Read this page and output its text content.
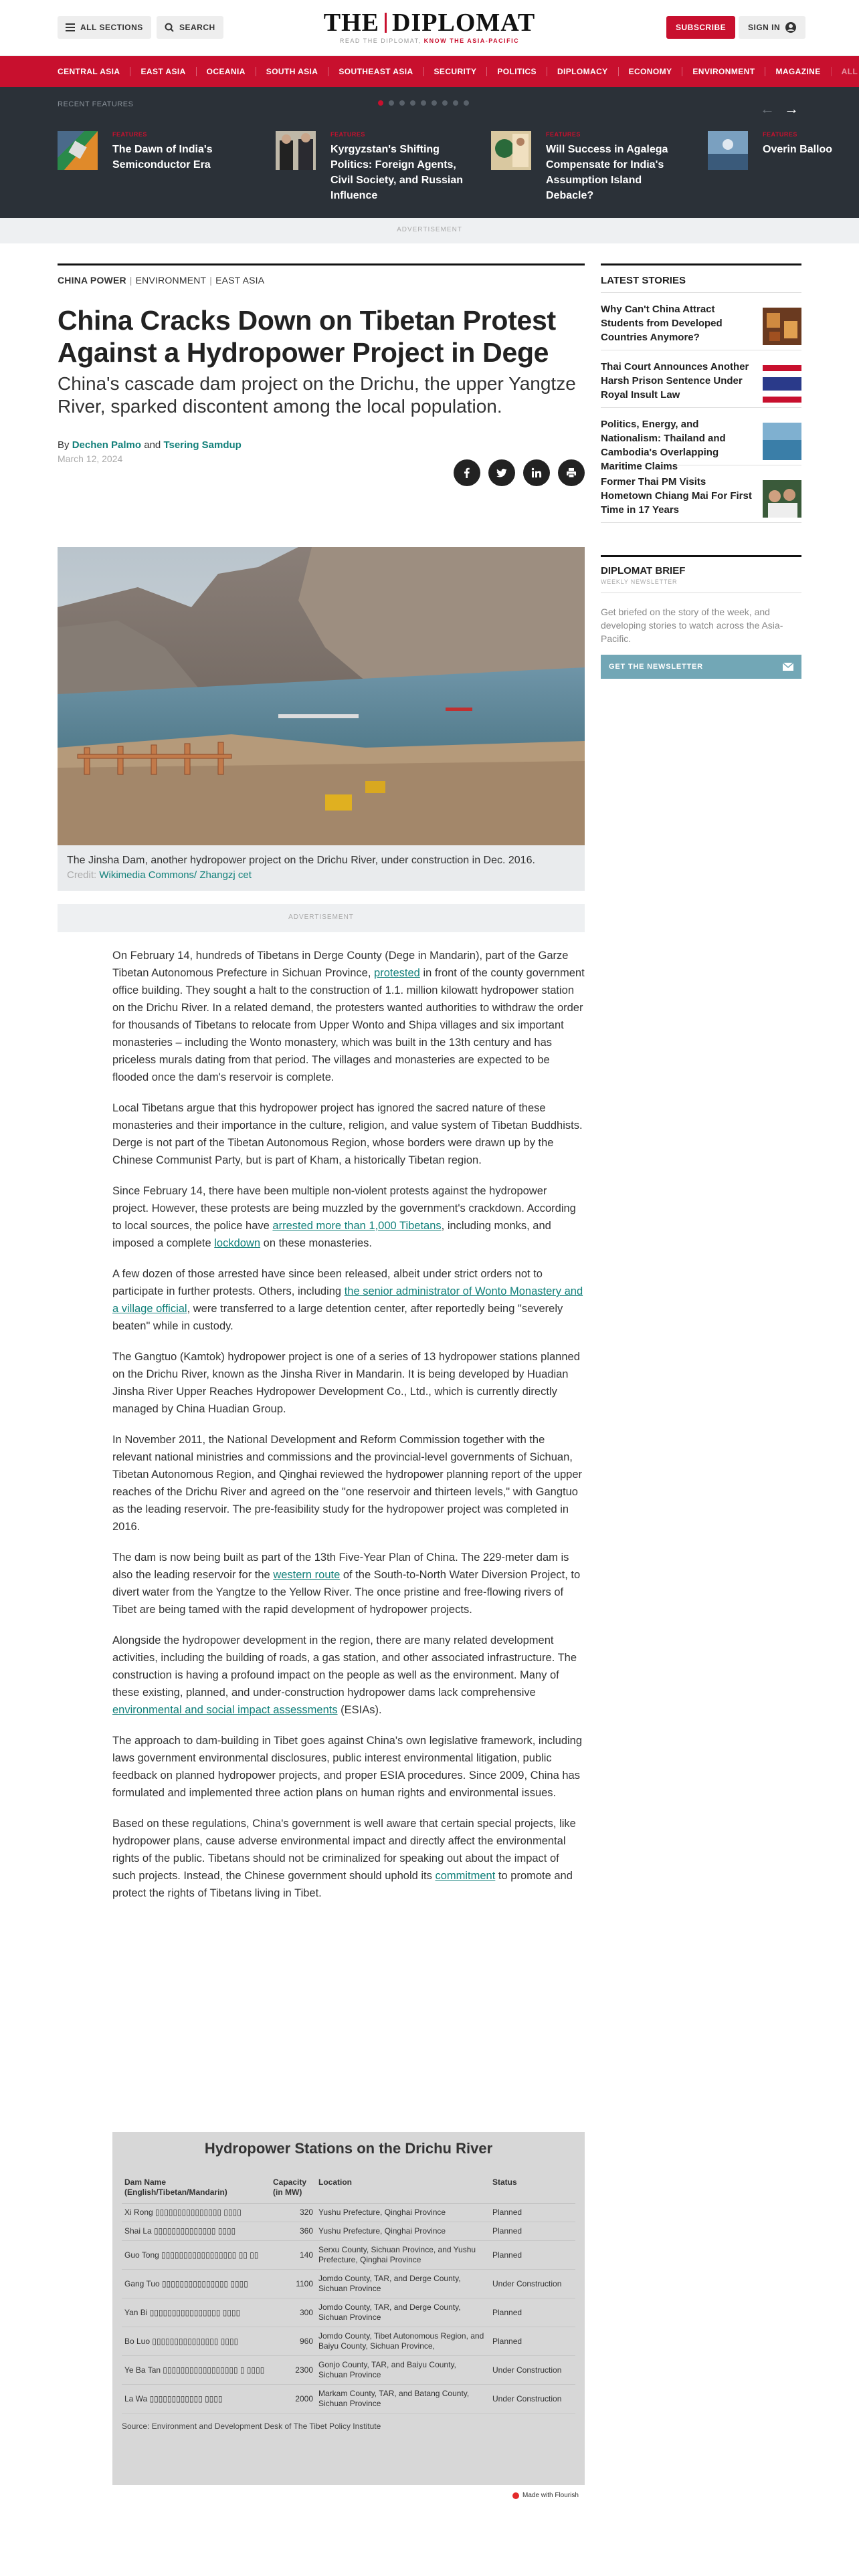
ALL SECTIONS	SEARCH	THE DIPLOMAT
READ THE DIPLOMAT, KNOW THE ASIA-PACIFIC
SUBSCRIBE	SIGN IN
CENTRAL ASIA	EAST ASIA	OCEANIA	SOUTH ASIA	SOUTHEAST ASIA	SECURITY	POLITICS	DIPLOMACY	ECONOMY	ENVIRONMENT	MAGAZINE	ALL
RECENT FEATURES	← →
FEATURES
The Dawn of India's Semiconductor Era
FEATURES
Kyrgyzstan's Shifting Politics: Foreign Agents, Civil Society, and Russian Influence
FEATURES
Will Success in Agalega Compensate for India's Assumption Island Debacle?
FEATURES
Overin Balloo
ADVERTISEMENT
CHINA POWER | ENVIRONMENT | EAST ASIA
China Cracks Down on Tibetan Protest Against a Hydropower Project in Dege
China's cascade dam project on the Drichu, the upper Yangtze River, sparked discontent among the local population.
By Dechen Palmo and Tsering Samdup
March 12, 2024
The Jinsha Dam, another hydropower project on the Drichu River, under construction in Dec. 2016.
Credit: Wikimedia Commons/ Zhangzj cet
ADVERTISEMENT

On February 14, hundreds of Tibetans in Derge County (Dege in Mandarin), part of the Garze Tibetan Autonomous Prefecture in Sichuan Province, protested in front of the county government office building. They sought a halt to the construction of 1.1. million kilowatt hydropower station on the Drichu River. In a related demand, the protesters wanted authorities to withdraw the order for thousands of Tibetans to relocate from Upper Wonto and Shipa villages and six important monasteries – including the Wonto monastery, which was built in the 13th century and has priceless murals dating from that period. The villages and monasteries are expected to be flooded once the dam's reservoir is complete.

Local Tibetans argue that this hydropower project has ignored the sacred nature of these monasteries and their importance in the culture, religion, and value system of Tibetan Buddhists. Derge is not part of the Tibetan Autonomous Region, whose borders were drawn up by the Chinese Communist Party, but is part of Kham, a historically Tibetan region.

Since February 14, there have been multiple non-violent protests against the hydropower project. However, these protests are being muzzled by the government's crackdown. According to local sources, the police have arrested more than 1,000 Tibetans, including monks, and imposed a complete lockdown on these monasteries.

A few dozen of those arrested have since been released, albeit under strict orders not to participate in further protests. Others, including the senior administrator of Wonto Monastery and a village official, were transferred to a large detention center, after reportedly being "severely beaten" while in custody.

The Gangtuo (Kamtok) hydropower project is one of a series of 13 hydropower stations planned on the Drichu River, known as the Jinsha River in Mandarin. It is being developed by Huadian Jinsha River Upper Reaches Hydropower Development Co., Ltd., which is currently directly managed by China Huadian Group.

In November 2011, the National Development and Reform Commission together with the relevant national ministries and commissions and the provincial-level governments of Sichuan, Tibetan Autonomous Region, and Qinghai reviewed the hydropower planning report of the upper reaches of the Drichu River and agreed on the "one reservoir and thirteen levels," with Gangtuo as the leading reservoir. The pre-feasibility study for the hydropower project was completed in 2016.

The dam is now being built as part of the 13th Five-Year Plan of China. The 229-meter dam is also the leading reservoir for the western route of the South-to-North Water Diversion Project, to divert water from the Yangtze to the Yellow River. The once pristine and free-flowing rivers of Tibet are being tamed with the rapid development of hydropower projects.

Alongside the hydropower development in the region, there are many related development activities, including the building of roads, a gas station, and other associated infrastructure. The construction is having a profound impact on the people as well as the environment. Many of these existing, planned, and under-construction hydropower dams lack comprehensive environmental and social impact assessments (ESIAs).

The approach to dam-building in Tibet goes against China's own legislative framework, including laws government environmental disclosures, public interest environmental litigation, public feedback on planned hydropower projects, and proper ESIA procedures. Since 2009, China has formulated and implemented three action plans on human rights and environmental issues.

Based on these regulations, China's government is well aware that certain special projects, like hydropower plans, cause adverse environmental impact and directly affect the environmental rights of the public. Tibetans should not be criminalized for speaking out about the impact of such projects. Instead, the Chinese government should uphold its commitment to promote and protect the rights of Tibetans living in Tibet.

Hydropower Stations on the Drichu River
Dam Name (English/Tibetan/Mandarin)	Capacity (in MW)	Location	Status
Xi Rong ▯▯▯▯▯▯▯▯▯▯▯▯▯▯▯ ▯▯▯▯	320	Yushu Prefecture, Qinghai Province	Planned
Shai La ▯▯▯▯▯▯▯▯▯▯▯▯▯▯ ▯▯▯▯	360	Yushu Prefecture, Qinghai Province	Planned
Guo Tong ▯▯▯▯▯▯▯▯▯▯▯▯▯▯▯▯▯ ▯▯ ▯▯	140	Serxu County, Sichuan Province, and Yushu Prefecture, Qinghai Province	Planned
Gang Tuo ▯▯▯▯▯▯▯▯▯▯▯▯▯▯▯ ▯▯▯▯	1100	Jomdo County, TAR, and Derge County, Sichuan Province	Under Construction
Yan Bi ▯▯▯▯▯▯▯▯▯▯▯▯▯▯▯▯ ▯▯▯▯	300	Jomdo County, TAR, and Derge County, Sichuan Province	Planned
Bo Luo ▯▯▯▯▯▯▯▯▯▯▯▯▯▯▯ ▯▯▯▯	960	Jomdo County, Tibet Autonomous Region, and Baiyu County, Sichuan Province,	Planned
Ye Ba Tan ▯▯▯▯▯▯▯▯▯▯▯▯▯▯▯▯▯ ▯ ▯▯▯▯	2300	Gonjo County, TAR, and Baiyu County, Sichuan Province	Under Construction
La Wa ▯▯▯▯▯▯▯▯▯▯▯▯ ▯▯▯▯	2000	Markam County, TAR, and Batang County, Sichuan Province	Under Construction
Source: Environment and Development Desk of The Tibet Policy Institute
Made with Flourish
LATEST STORIES
Why Can't China Attract Students from Developed Countries Anymore?
Thai Court Announces Another Harsh Prison Sentence Under Royal Insult Law
Politics, Energy, and Nationalism: Thailand and Cambodia's Overlapping Maritime Claims
Former Thai PM Visits Hometown Chiang Mai For First Time in 17 Years
DIPLOMAT BRIEF
WEEKLY NEWSLETTER
Get briefed on the story of the week, and developing stories to watch across the Asia-Pacific.
GET THE NEWSLETTER
